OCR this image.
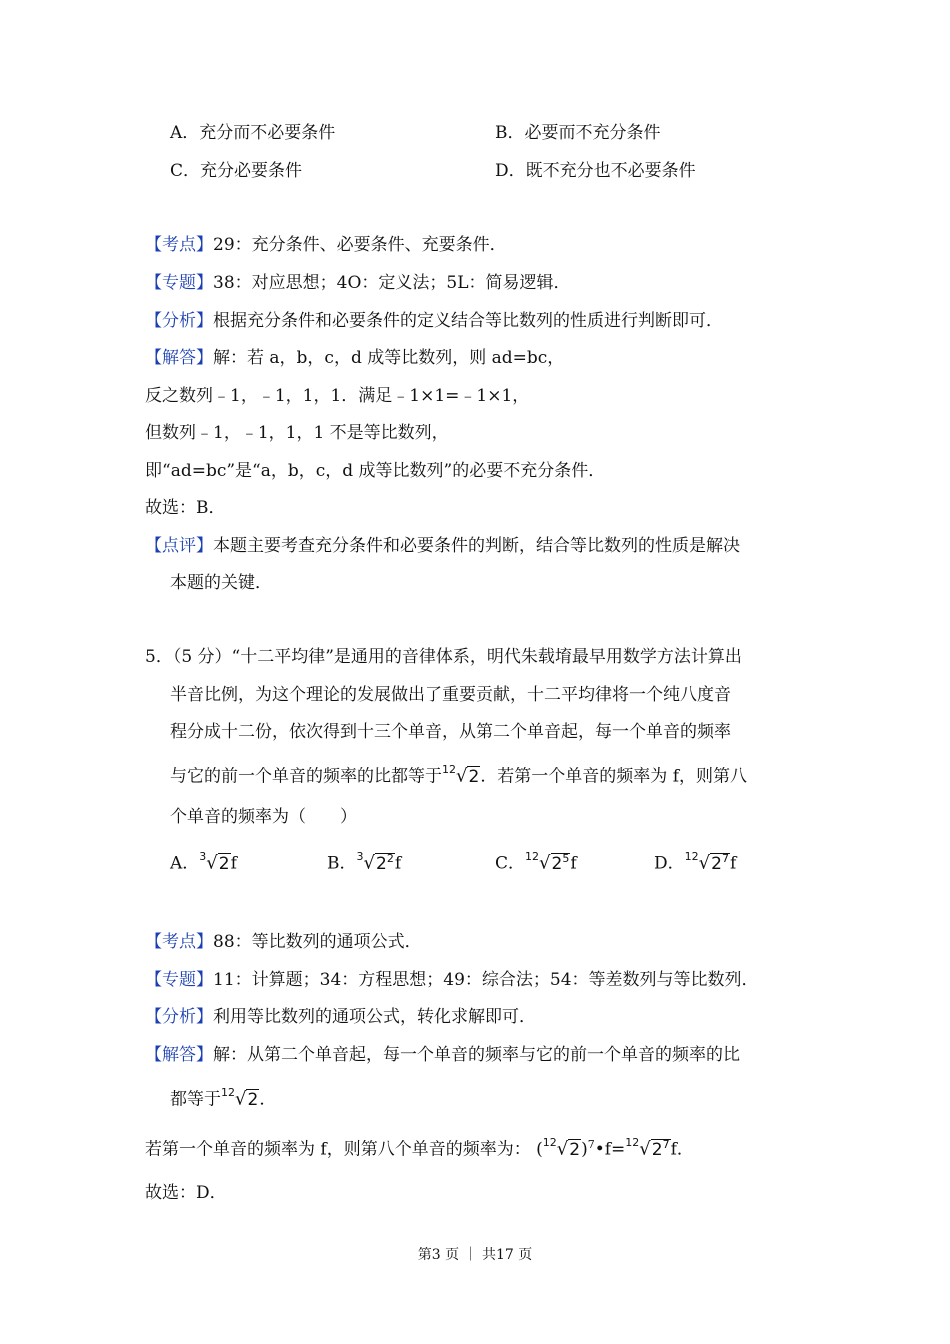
A．充分而不必要条件	B．必要而不充分条件
C．充分必要条件	D．既不充分也不必要条件
【考点】29：充分条件、必要条件、充要条件．
【专题】38：对应思想；4O：定义法；5L：简易逻辑．
【分析】根据充分条件和必要条件的定义结合等比数列的性质进行判断即可．
【解答】解：若 a，b，c，d 成等比数列，则 ad=bc，
反之数列﹣1，﹣1，1，1．满足﹣1×1=﹣1×1，
但数列﹣1，﹣1，1，1 不是等比数列，
即“ad=bc”是“a，b，c，d 成等比数列”的必要不充分条件．
故选：B．
【点评】本题主要考查充分条件和必要条件的判断，结合等比数列的性质是解决
本题的关键．
5．（5 分）“十二平均律”是通用的音律体系，明代朱载堉最早用数学方法计算出
半音比例，为这个理论的发展做出了重要贡献，十二平均律将一个纯八度音
程分成十二份，依次得到十三个单音，从第二个单音起，每一个单音的频率
与它的前一个单音的频率的比都等于$^{12}$√2．若第一个单音的频率为 f，则第八
个单音的频率为（　　）
A．$^3$√2f	B．$^3√2^2f$	C．$^{12}√2^5f$	D．$^{12}√2^7f$
【考点】88：等比数列的通项公式．
【专题】11：计算题；34：方程思想；49：综合法；54：等差数列与等比数列．
【分析】利用等比数列的通项公式，转化求解即可．
【解答】解：从第二个单音起，每一个单音的频率与它的前一个单音的频率的比
都等于$^{12}$√2．
若第一个单音的频率为 f，则第八个单音的频率为： $(^{12}√2)^7•f=^{12}√2^7f$．
故选：D．
第3 页 ｜ 共17 页
